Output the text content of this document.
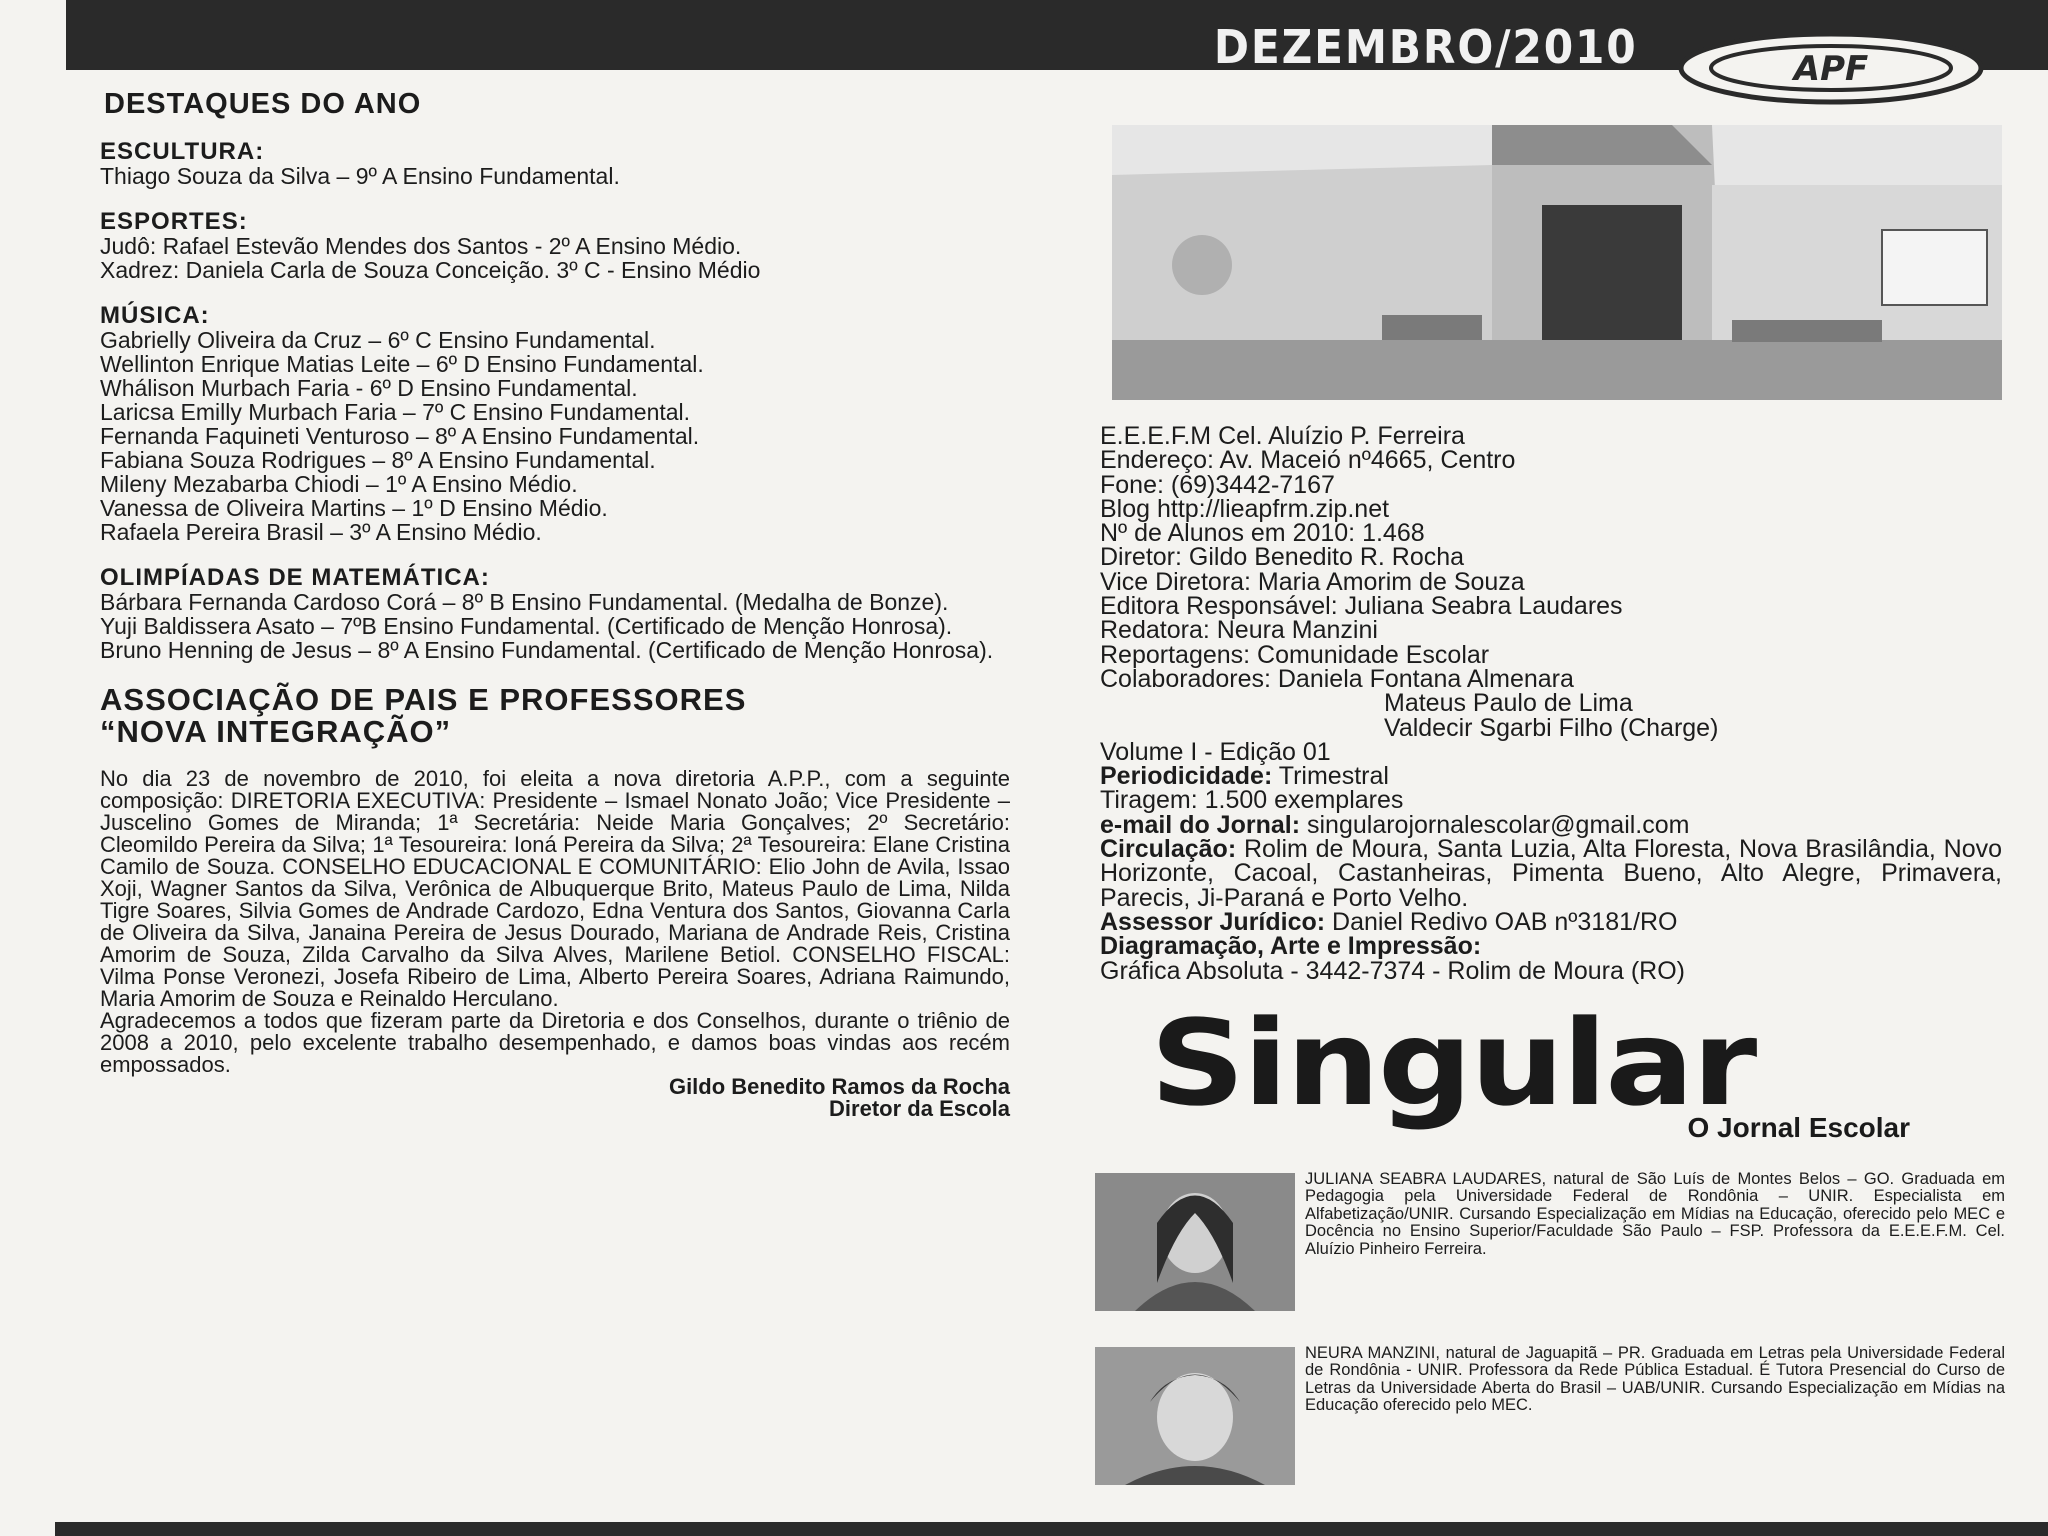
DEZEMBRO/2010	APF
DESTAQUES DO ANO
ESCULTURA:

Thiago Souza da Silva – 9º A Ensino Fundamental.

ESPORTES:

Judô: Rafael Estevão Mendes dos Santos - 2º A Ensino Médio.

Xadrez: Daniela Carla de Souza Conceição. 3º C - Ensino Médio

MÚSICA:

Gabrielly Oliveira da Cruz – 6º C Ensino Fundamental.

Wellinton Enrique Matias Leite – 6º D Ensino Fundamental.

Whálison Murbach Faria - 6º D Ensino Fundamental.

Laricsa Emilly Murbach Faria – 7º C Ensino Fundamental.

Fernanda Faquineti Venturoso – 8º A Ensino Fundamental.

Fabiana Souza Rodrigues – 8º A Ensino Fundamental.

Mileny Mezabarba Chiodi – 1º A Ensino Médio.

Vanessa de Oliveira Martins – 1º D Ensino Médio.

Rafaela Pereira Brasil – 3º A Ensino Médio.

OLIMPÍADAS DE MATEMÁTICA:

Bárbara Fernanda Cardoso Corá – 8º B Ensino Fundamental. (Medalha de Bonze).

Yuji Baldissera Asato – 7ºB Ensino Fundamental. (Certificado de Menção Honrosa).

Bruno Henning de Jesus – 8º A Ensino Fundamental. (Certificado de Menção Honrosa).

ASSOCIAÇÃO DE PAIS E PROFESSORES
“NOVA INTEGRAÇÃO”

No dia 23 de novembro de 2010, foi eleita a nova diretoria A.P.P., com a seguinte composição: DIRETORIA EXECUTIVA: Presidente – Ismael Nonato João; Vice Presidente – Juscelino Gomes de Miranda; 1ª Secretária: Neide Maria Gonçalves; 2º Secretário: Cleomildo Pereira da Silva; 1ª Tesoureira: Ioná Pereira da Silva; 2ª Tesoureira: Elane Cristina Camilo de Souza. CONSELHO EDUCACIONAL E COMUNITÁRIO: Elio John de Avila, Issao Xoji, Wagner Santos da Silva, Verônica de Albuquerque Brito, Mateus Paulo de Lima, Nilda Tigre Soares, Silvia Gomes de Andrade Cardozo, Edna Ventura dos Santos, Giovanna Carla de Oliveira da Silva, Janaina Pereira de Jesus Dourado, Mariana de Andrade Reis, Cristina Amorim de Souza, Zilda Carvalho da Silva Alves, Marilene Betiol. CONSELHO FISCAL: Vilma Ponse Veronezi, Josefa Ribeiro de Lima, Alberto Pereira Soares, Adriana Raimundo, Maria Amorim de Souza e Reinaldo Herculano.

Agradecemos a todos que fizeram parte da Diretoria e dos Conselhos, durante o triênio de 2008 a 2010, pelo excelente trabalho desempenhado, e damos boas vindas aos recém empossados.

Gildo Benedito Ramos da Rocha
Diretor da Escola

E.E.E.F.M Cel. Aluízio P. Ferreira

Endereço: Av. Maceió nº4665, Centro

Fone: (69)3442-7167

Blog http://lieapfrm.zip.net

Nº de Alunos em 2010: 1.468

Diretor: Gildo Benedito R. Rocha

Vice Diretora: Maria Amorim de Souza

Editora Responsável: Juliana Seabra Laudares

Redatora: Neura Manzini

Reportagens: Comunidade Escolar

Colaboradores: Daniela Fontana Almenara

Mateus Paulo de Lima

Valdecir Sgarbi Filho (Charge)

Volume I - Edição 01

Periodicidade: Trimestral

Tiragem: 1.500 exemplares

e-mail do Jornal: singularojornalescolar@gmail.com

Circulação: Rolim de Moura, Santa Luzia, Alta Floresta, Nova Brasilândia, Novo Horizonte, Cacoal, Castanheiras, Pimenta Bueno, Alto Alegre, Primavera, Parecis, Ji-Paraná e Porto Velho.

Assessor Jurídico: Daniel Redivo OAB nº3181/RO

Diagramação, Arte e Impressão:

Gráfica Absoluta - 3442-7374 - Rolim de Moura (RO)

Singular
O Jornal Escolar

JULIANA SEABRA LAUDARES, natural de São Luís de Montes Belos – GO. Graduada em Pedagogia pela Universidade Federal de Rondônia – UNIR. Especialista em Alfabetização/UNIR. Cursando Especialização em Mídias na Educação, oferecido pelo MEC e Docência no Ensino Superior/Faculdade São Paulo – FSP. Professora da E.E.E.F.M. Cel. Aluízio Pinheiro Ferreira.

NEURA MANZINI, natural de Jaguapitã – PR. Graduada em Letras pela Universidade Federal de Rondônia - UNIR. Professora da Rede Pública Estadual. É Tutora Presencial do Curso de Letras da Universidade Aberta do Brasil – UAB/UNIR. Cursando Especialização em Mídias na Educação oferecido pelo MEC.
